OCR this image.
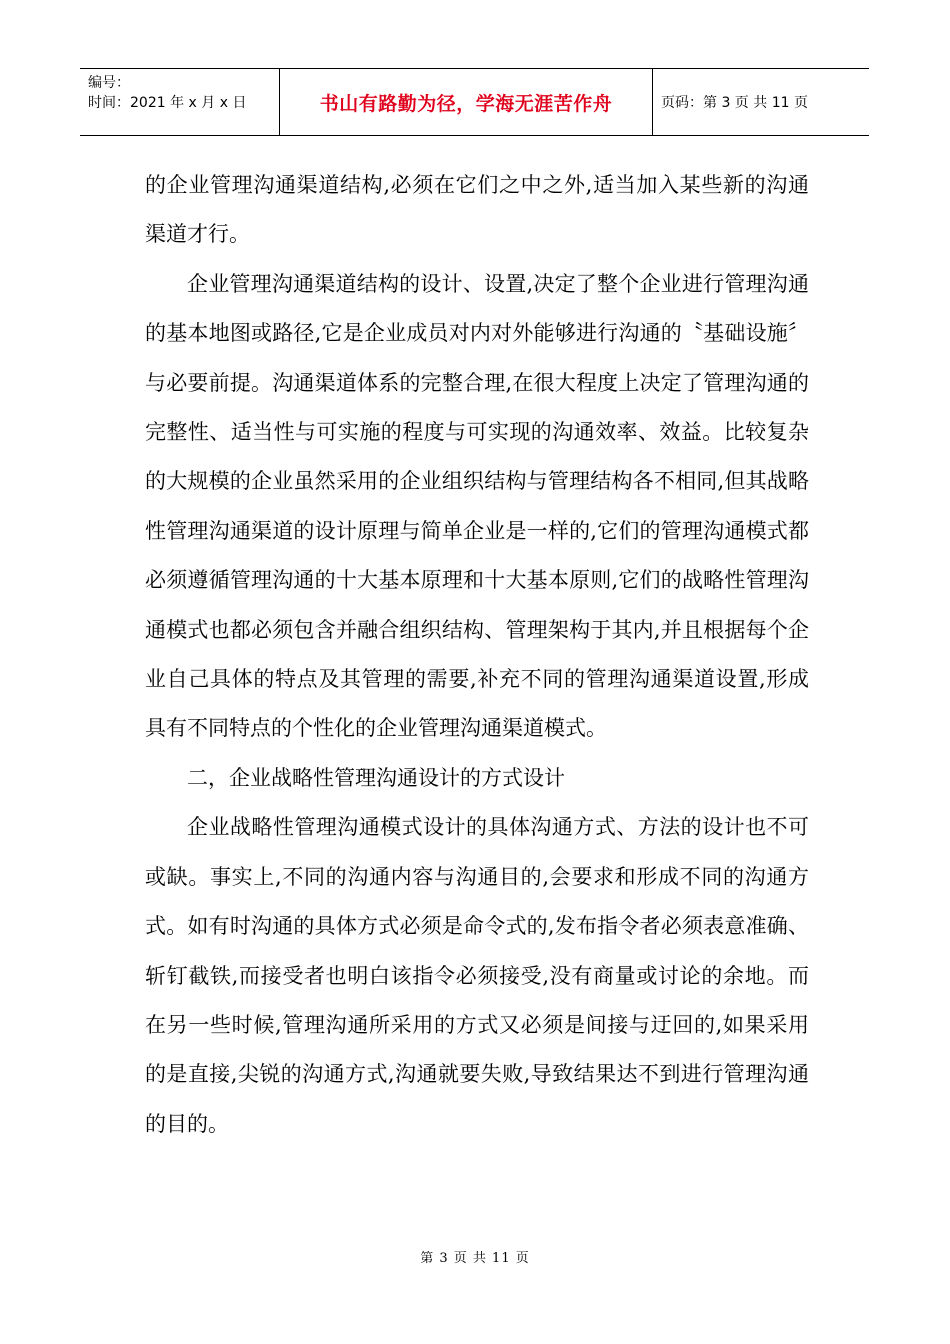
编号：
时间：2021 年 x 月 x 日	书山有路勤为径，学海无涯苦作舟	页码：第 3 页 共 11 页

的企业管理沟通渠道结构,必须在它们之中之外,适当加入某些新的沟通渠道才行。

企业管理沟通渠道结构的设计、设置,决定了整个企业进行管理沟通的基本地图或路径,它是企业成员对内对外能够进行沟通的〝基础设施〞与必要前提。沟通渠道体系的完整合理,在很大程度上决定了管理沟通的完整性、适当性与可实施的程度与可实现的沟通效率、效益。比较复杂的大规模的企业虽然采用的企业组织结构与管理结构各不相同,但其战略性管理沟通渠道的设计原理与简单企业是一样的,它们的管理沟通模式都必须遵循管理沟通的十大基本原理和十大基本原则,它们的战略性管理沟通模式也都必须包含并融合组织结构、管理架构于其内,并且根据每个企业自己具体的特点及其管理的需要,补充不同的管理沟通渠道设置,形成具有不同特点的个性化的企业管理沟通渠道模式。

二，企业战略性管理沟通设计的方式设计

企业战略性管理沟通模式设计的具体沟通方式、方法的设计也不可或缺。事实上,不同的沟通内容与沟通目的,会要求和形成不同的沟通方式。如有时沟通的具体方式必须是命令式的,发布指令者必须表意准确、斩钉截铁,而接受者也明白该指令必须接受,没有商量或讨论的余地。而在另一些时候,管理沟通所采用的方式又必须是间接与迂回的,如果采用的是直接,尖锐的沟通方式,沟通就要失败,导致结果达不到进行管理沟通的目的。

第 3 页 共 11 页
